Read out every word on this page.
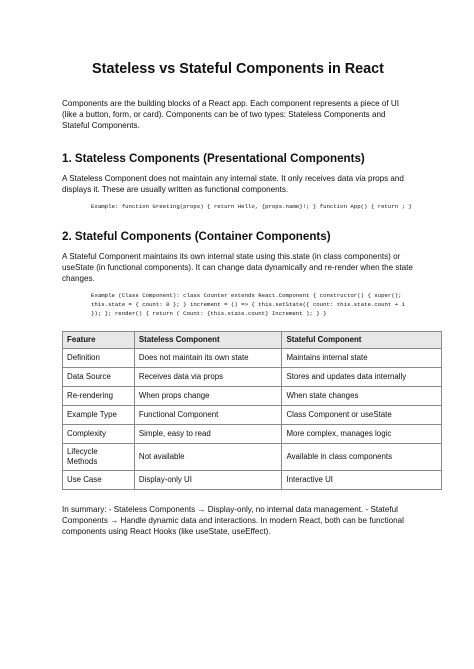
Stateless vs Stateful Components in React

Components are the building blocks of a React app. Each component represents a piece of UI (like a button, form, or card). Components can be of two types: Stateless Components and Stateful Components.

1. Stateless Components (Presentational Components)

A Stateless Component does not maintain any internal state. It only receives data via props and displays it. These are usually written as functional components.

Example: function Greeting(props) { return Hello, {props.name}!; } function App() { return ; }
2. Stateful Components (Container Components)

A Stateful Component maintains its own internal state using this.state (in class components) or useState (in functional components). It can change data dynamically and re-render when the state changes.

Example (Class Component): class Counter extends React.Component { constructor() { super(); this.state = { count: 0 }; } increment = () => { this.setState({ count: this.state.count + 1 }); }; render() { return ( Count: {this.state.count} Increment ); } }
Feature	Stateless Component	Stateful Component
Definition	Does not maintain its own state	Maintains internal state
Data Source	Receives data via props	Stores and updates data internally
Re-rendering	When props change	When state changes
Example Type	Functional Component	Class Component or useState
Complexity	Simple, easy to read	More complex, manages logic
Lifecycle Methods	Not available	Available in class components
Use Case	Display-only UI	Interactive UI

In summary: - Stateless Components → Display-only, no internal data management. - Stateful Components → Handle dynamic data and interactions. In modern React, both can be functional components using React Hooks (like useState, useEffect).
